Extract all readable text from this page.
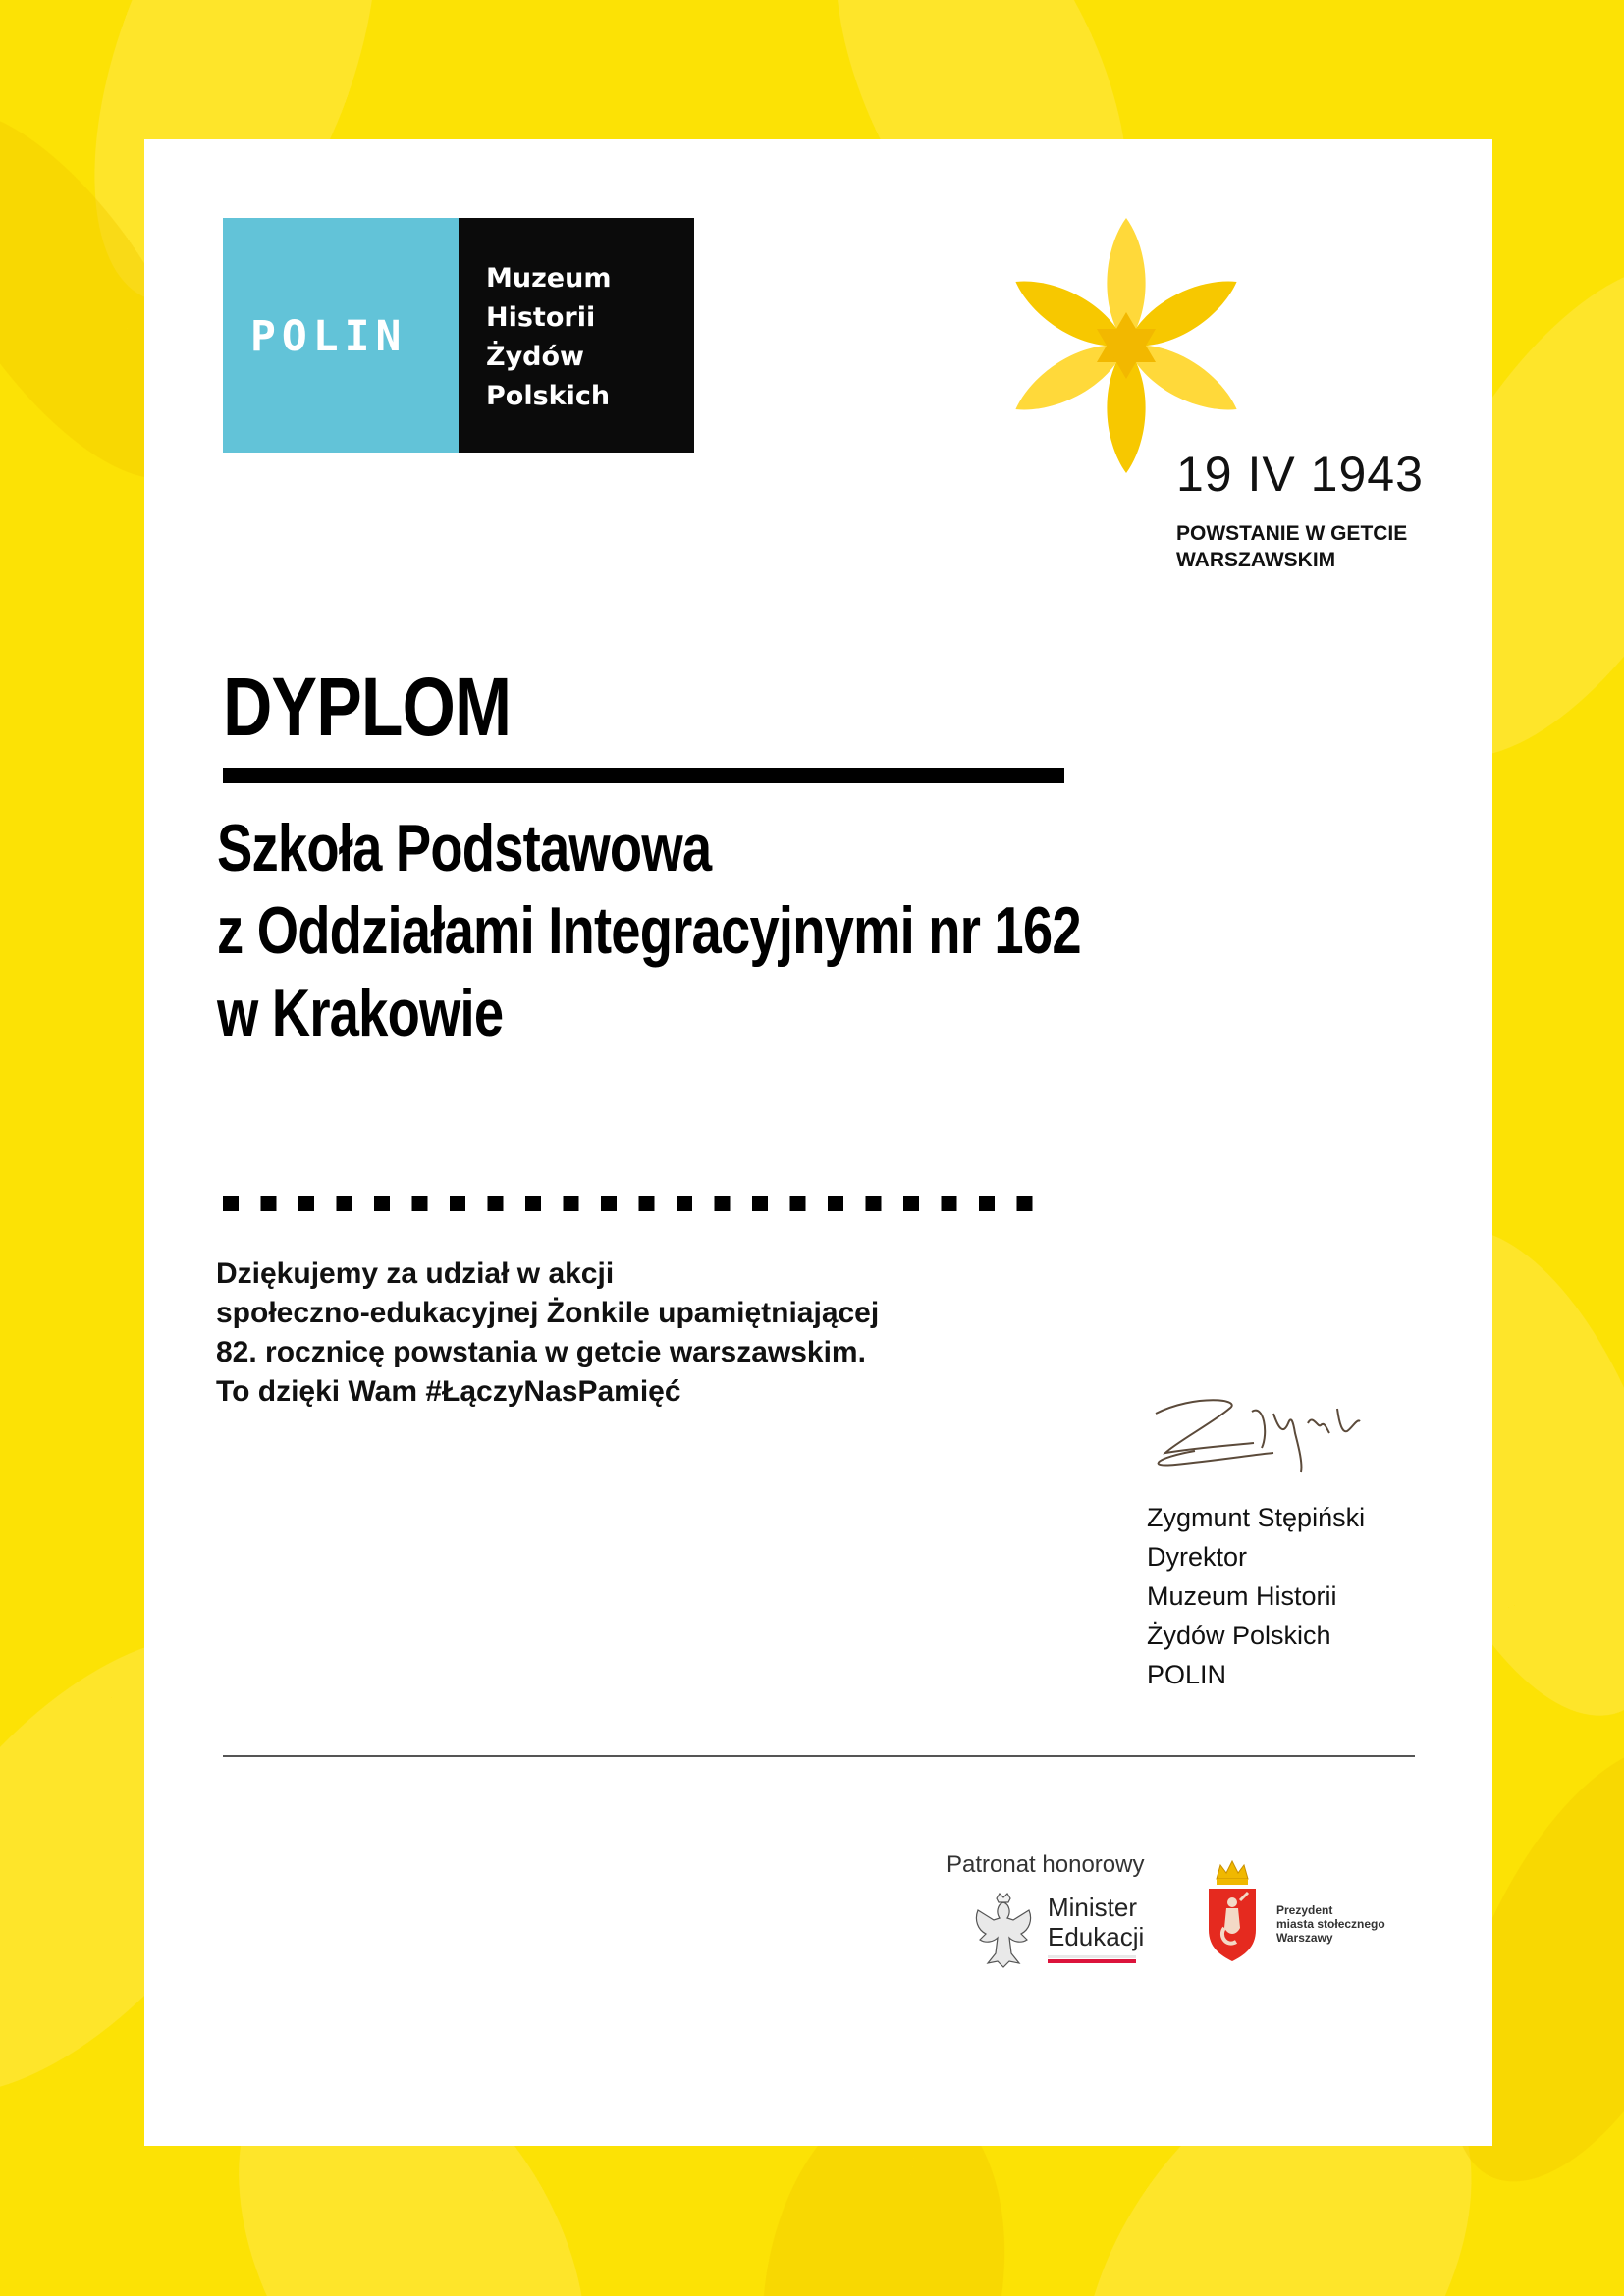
POLIN
Muzeum
Historii
Żydów
Polskich
19 IV 1943
POWSTANIE W GETCIE
WARSZAWSKIM
DYPLOM
Szkoła Podstawowa
z Oddziałami Integracyjnymi nr 162
w Krakowie
Dziękujemy za udział w akcji
społeczno-edukacyjnej Żonkile upamiętniającej
82. rocznicę powstania w getcie warszawskim.
To dzięki Wam #ŁączyNasPamięć
Zygmunt Stępiński
Dyrektor
Muzeum Historii
Żydów Polskich
POLIN
Patronat honorowy
Minister
Edukacji
Prezydent
miasta stołecznego
Warszawy
